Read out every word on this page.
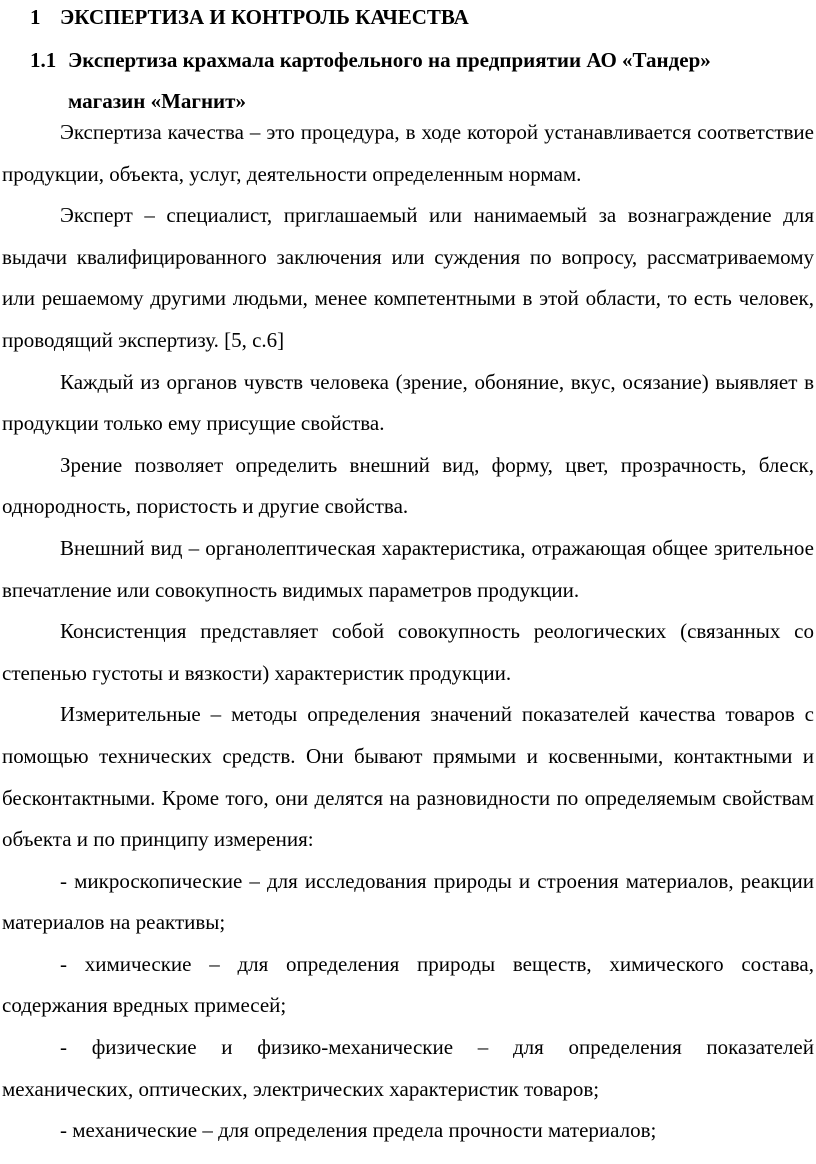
1 ЭКСПЕРТИЗА И КОНТРОЛЬ КАЧЕСТВА
1.1 Экспертиза крахмала картофельного на предприятии АО «Тандер»
магазин «Магнит»

Экспертиза качества – это процедура, в ходе которой устанавливается соответствие продукции, объекта, услуг, деятельности определенным нормам.

Эксперт – специалист, приглашаемый или нанимаемый за вознаграждение для выдачи квалифицированного заключения или суждения по вопросу, рассматриваемому или решаемому другими людьми, менее компетентными в этой области, то есть человек, проводящий экспертизу. [5, с.6]

Каждый из органов чувств человека (зрение, обоняние, вкус, осязание) выявляет в продукции только ему присущие свойства.

Зрение позволяет определить внешний вид, форму, цвет, прозрачность, блеск, однородность, пористость и другие свойства.

Внешний вид – органолептическая характеристика, отражающая общее зрительное впечатление или совокупность видимых параметров продукции.

Консистенция представляет собой совокупность реологических (связанных со степенью густоты и вязкости) характеристик продукции.

Измерительные – методы определения значений показателей качества товаров с помощью технических средств. Они бывают прямыми и косвенными, контактными и бесконтактными. Кроме того, они делятся на разновидности по определяемым свойствам объекта и по принципу измерения:

- микроскопические – для исследования природы и строения материалов, реакции материалов на реактивы;

- химические – для определения природы веществ, химического состава, содержания вредных примесей;

- физические и физико-механические – для определения показателей механических, оптических, электрических характеристик товаров;

- механические – для определения предела прочности материалов;
